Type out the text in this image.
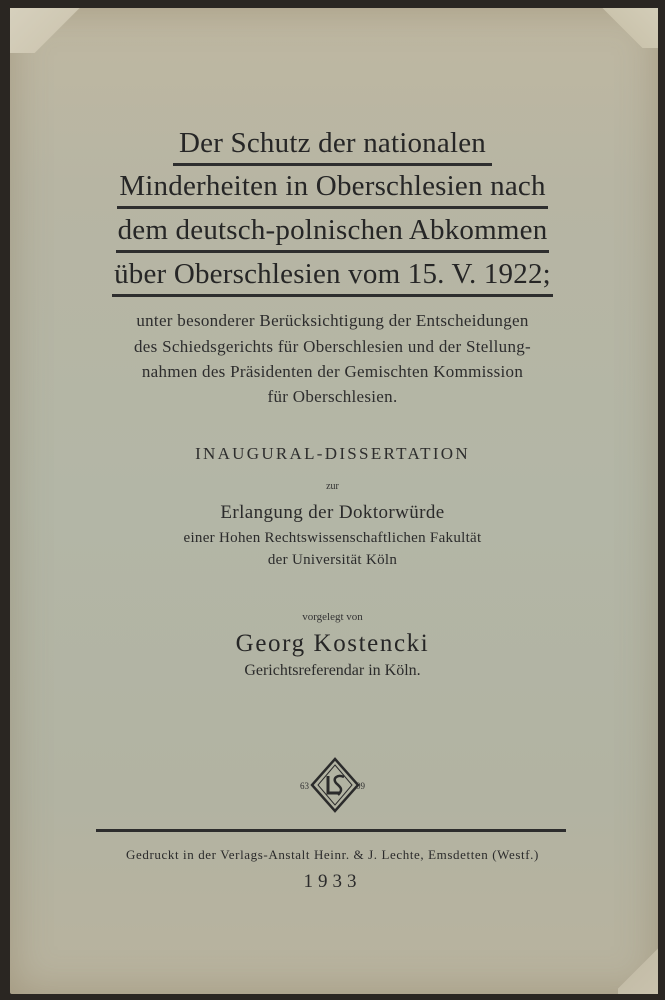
Der Schutz der nationalen
Minderheiten in Oberschlesien nach
dem deutsch-polnischen Abkommen
über Oberschlesien vom 15. V. 1922;
unter besonderer Berücksichtigung der Entscheidungen
des Schiedsgerichts für Oberschlesien und der Stellung-
nahmen des Präsidenten der Gemischten Kommission
für Oberschlesien.
INAUGURAL-DISSERTATION
zur
Erlangung der Doktorwürde
einer Hohen Rechtswissenschaftlichen Fakultät
der Universität Köln
vorgelegt von
Georg Kostencki
Gerichtsreferendar in Köln.
63	09
Gedruckt in der Verlags-Anstalt Heinr. & J. Lechte, Emsdetten (Westf.)
1933
